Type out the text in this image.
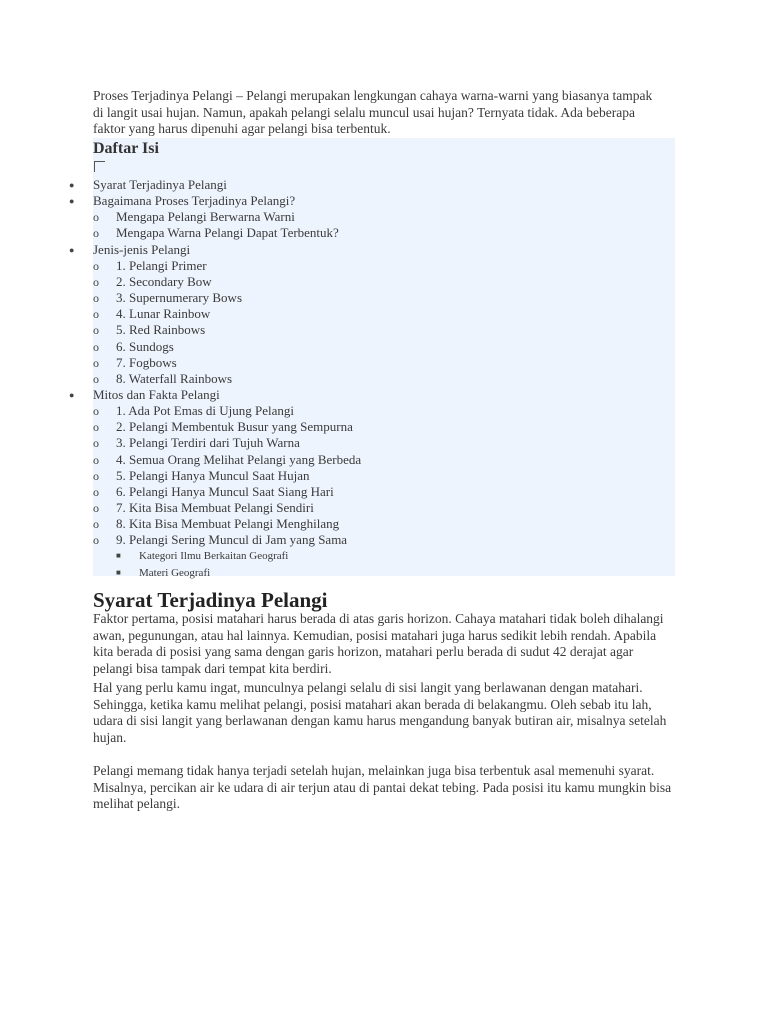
Proses Terjadinya Pelangi – Pelangi merupakan lengkungan cahaya warna-warni yang biasanya tampak di langit usai hujan. Namun, apakah pelangi selalu muncul usai hujan? Ternyata tidak. Ada beberapa faktor yang harus dipenuhi agar pelangi bisa terbentuk.

Daftar Isi
● Syarat Terjadinya Pelangi
● Bagaimana Proses Terjadinya Pelangi?
o Mengapa Pelangi Berwarna Warni
o Mengapa Warna Pelangi Dapat Terbentuk?
● Jenis-jenis Pelangi
o 1. Pelangi Primer
o 2. Secondary Bow
o 3. Supernumerary Bows
o 4. Lunar Rainbow
o 5. Red Rainbows
o 6. Sundogs
o 7. Fogbows
o 8. Waterfall Rainbows
● Mitos dan Fakta Pelangi
o 1. Ada Pot Emas di Ujung Pelangi
o 2. Pelangi Membentuk Busur yang Sempurna
o 3. Pelangi Terdiri dari Tujuh Warna
o 4. Semua Orang Melihat Pelangi yang Berbeda
o 5. Pelangi Hanya Muncul Saat Hujan
o 6. Pelangi Hanya Muncul Saat Siang Hari
o 7. Kita Bisa Membuat Pelangi Sendiri
o 8. Kita Bisa Membuat Pelangi Menghilang
o 9. Pelangi Sering Muncul di Jam yang Sama
■ Kategori Ilmu Berkaitan Geografi
■ Materi Geografi
Syarat Terjadinya Pelangi

Faktor pertama, posisi matahari harus berada di atas garis horizon. Cahaya matahari tidak boleh dihalangi awan, pegunungan, atau hal lainnya. Kemudian, posisi matahari juga harus sedikit lebih rendah. Apabila kita berada di posisi yang sama dengan garis horizon, matahari perlu berada di sudut 42 derajat agar pelangi bisa tampak dari tempat kita berdiri.

Hal yang perlu kamu ingat, munculnya pelangi selalu di sisi langit yang berlawanan dengan matahari. Sehingga, ketika kamu melihat pelangi, posisi matahari akan berada di belakangmu. Oleh sebab itu lah, udara di sisi langit yang berlawanan dengan kamu harus mengandung banyak butiran air, misalnya setelah hujan.

Pelangi memang tidak hanya terjadi setelah hujan, melainkan juga bisa terbentuk asal memenuhi syarat. Misalnya, percikan air ke udara di air terjun atau di pantai dekat tebing. Pada posisi itu kamu mungkin bisa melihat pelangi.
